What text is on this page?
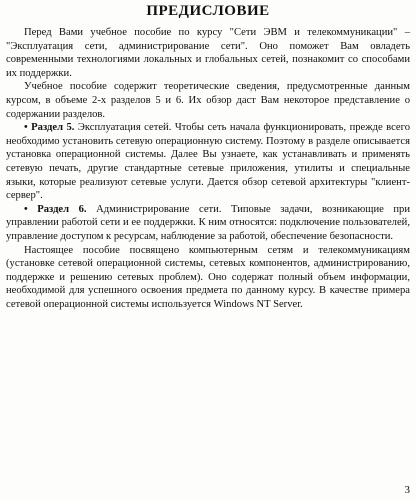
ПРЕДИСЛОВИЕ

Перед Вами учебное пособие по курсу "Сети ЭВМ и телекоммуникации" – "Эксплуатация сети, администрирование сети". Оно поможет Вам овладеть современными технологиями локальных и глобальных сетей, познакомит со способами их поддержки.

Учебное пособие содержит теоретические сведения, предусмотренные данным курсом, в объеме 2-х разделов 5 и 6. Их обзор даст Вам некоторое представление о содержании разделов.

• Раздел 5. Эксплуатация сетей. Чтобы сеть начала функционировать, прежде всего необходимо установить сетевую операционную систему. Поэтому в разделе описывается установка операционной системы. Далее Вы узнаете, как устанавливать и применять сетевую печать, другие стандартные сетевые приложения, утилиты и специальные языки, которые реализуют сетевые услуги. Дается обзор сетевой архитектуры "клиент-сервер".

• Раздел 6. Администрирование сети. Типовые задачи, возникающие при управлении работой сети и ее поддержки. К ним относятся: подключение пользователей, управление доступом к ресурсам, наблюдение за работой, обеспечение безопасности.

Настоящее пособие посвящено компьютерным сетям и телекоммуникациям (установке сетевой операционной системы, сетевых компонентов, администрированию, поддержке и решению сетевых проблем). Оно содержат полный объем информации, необходимой для успешного освоения предмета по данному курсу. В качестве примера сетевой операционной системы используется Windows NT Server.

3
